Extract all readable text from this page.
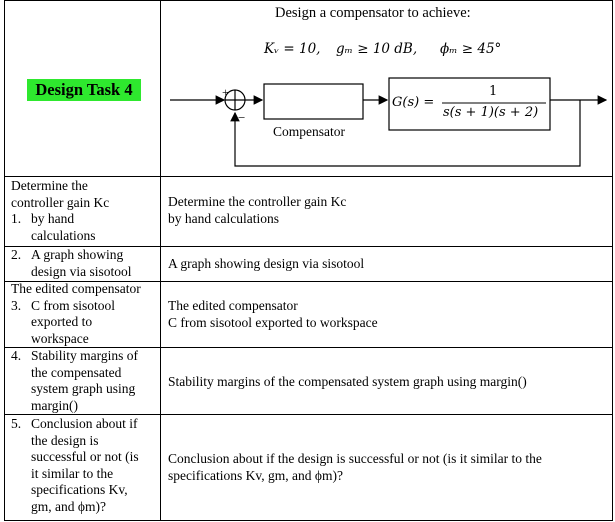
Design Task 4
Design a compensator to achieve:
Kᵥ = 10, gₘ ≥ 10 dB, ϕₘ ≥ 45°
+
−
Compensator
G(s) =
1
s(s + 1)(s + 2)
Determine the
controller gain Kc
1. by hand
calculations
Determine the controller gain Kc
by hand calculations
2. A graph showing
design via sisotool	A graph showing design via sisotool
The edited compensator
3. C from sisotool
exported to
workspace
The edited compensator
C from sisotool exported to workspace
4. Stability margins of
the compensated
system graph using
margin()
Stability margins of the compensated system graph using margin()
5. Conclusion about if
the design is
successful or not (is
it similar to the
specifications Kv,
gm, and ϕm)?
Conclusion about if the design is successful or not (is it similar to the
specifications Kv, gm, and ϕm)?
